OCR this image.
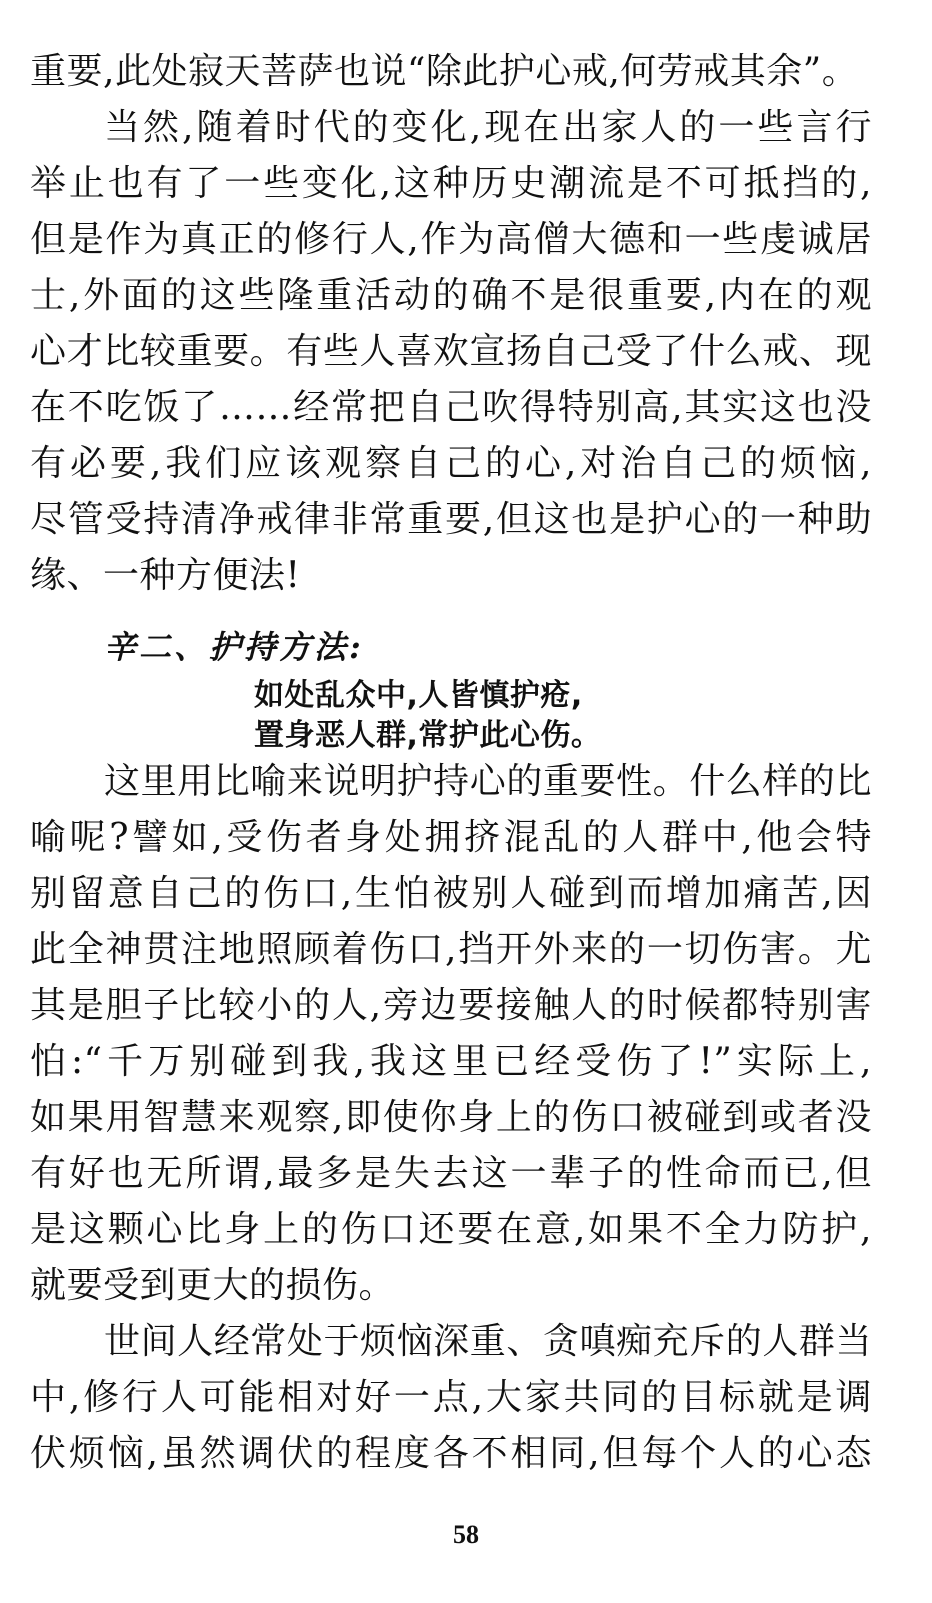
重要,此处寂天菩萨也说“除此护心戒,何劳戒其余”。
当然,随着时代的变化,现在出家人的一些言行
举止也有了一些变化,这种历史潮流是不可抵挡的,
但是作为真正的修行人,作为高僧大德和一些虔诚居
士,外面的这些隆重活动的确不是很重要,内在的观
心才比较重要。有些人喜欢宣扬自己受了什么戒、现
在不吃饭了……经常把自己吹得特别高,其实这也没
有必要,我们应该观察自己的心,对治自己的烦恼,
尽管受持清净戒律非常重要,但这也是护心的一种助
缘、一种方便法!
辛二、护持方法:
如处乱众中,人皆慎护疮,
置身恶人群,常护此心伤。
这里用比喻来说明护持心的重要性。什么样的比
喻呢?譬如,受伤者身处拥挤混乱的人群中,他会特
别留意自己的伤口,生怕被别人碰到而增加痛苦,因
此全神贯注地照顾着伤口,挡开外来的一切伤害。尤
其是胆子比较小的人,旁边要接触人的时候都特别害
怕:“千万别碰到我,我这里已经受伤了!”实际上,
如果用智慧来观察,即使你身上的伤口被碰到或者没
有好也无所谓,最多是失去这一辈子的性命而已,但
是这颗心比身上的伤口还要在意,如果不全力防护,
就要受到更大的损伤。
世间人经常处于烦恼深重、贪嗔痴充斥的人群当
中,修行人可能相对好一点,大家共同的目标就是调
伏烦恼,虽然调伏的程度各不相同,但每个人的心态
58
